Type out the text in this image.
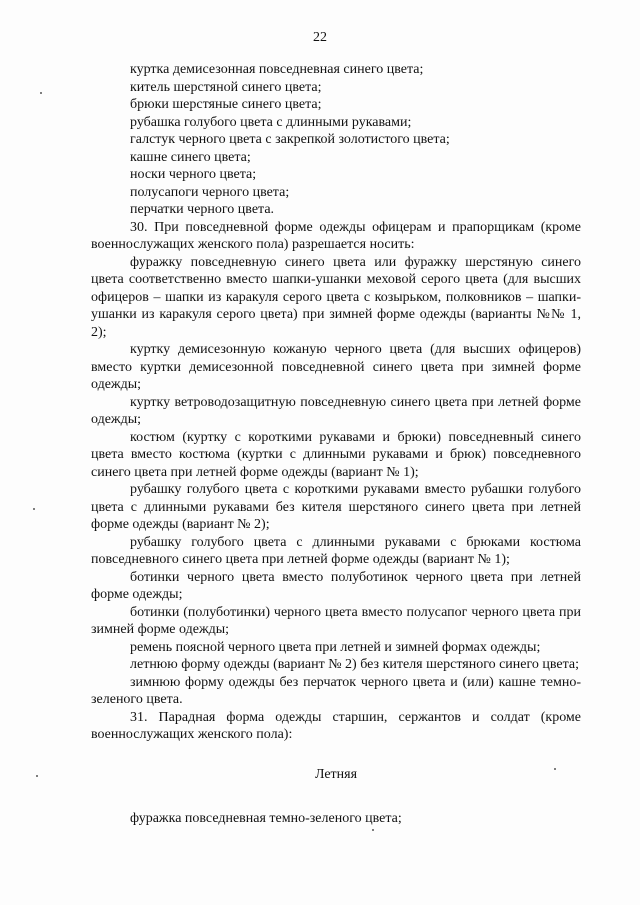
22

куртка демисезонная повседневная синего цвета;

китель шерстяной синего цвета;

брюки шерстяные синего цвета;

рубашка голубого цвета с длинными рукавами;

галстук черного цвета с закрепкой золотистого цвета;

кашне синего цвета;

носки черного цвета;

полусапоги черного цвета;

перчатки черного цвета.

30. При повседневной форме одежды офицерам и прапорщикам (кроме военнослужащих женского пола) разрешается носить:

фуражку повседневную синего цвета или фуражку шерстяную синего цвета соответственно вместо шапки-ушанки меховой серого цвета (для высших офицеров – шапки из каракуля серого цвета с козырьком, полковников – шапки-ушанки из каракуля серого цвета) при зимней форме одежды (варианты №№ 1, 2);

куртку демисезонную кожаную черного цвета (для высших офицеров) вместо куртки демисезонной повседневной синего цвета при зимней форме одежды;

куртку ветроводозащитную повседневную синего цвета при летней форме одежды;

костюм (куртку с короткими рукавами и брюки) повседневный синего цвета вместо костюма (куртки с длинными рукавами и брюк) повседневного синего цвета при летней форме одежды (вариант № 1);

рубашку голубого цвета с короткими рукавами вместо рубашки голубого цвета с длинными рукавами без кителя шерстяного синего цвета при летней форме одежды (вариант № 2);

рубашку голубого цвета с длинными рукавами с брюками костюма повседневного синего цвета при летней форме одежды (вариант № 1);

ботинки черного цвета вместо полуботинок черного цвета при летней форме одежды;

ботинки (полуботинки) черного цвета вместо полусапог черного цвета при зимней форме одежды;

ремень поясной черного цвета при летней и зимней формах одежды;

летнюю форму одежды (вариант № 2) без кителя шерстяного синего цвета;

зимнюю форму одежды без перчаток черного цвета и (или) кашне темно-зеленого цвета.

31. Парадная форма одежды старшин, сержантов и солдат (кроме военнослужащих женского пола):

Летняя

фуражка повседневная темно-зеленого цвета;
